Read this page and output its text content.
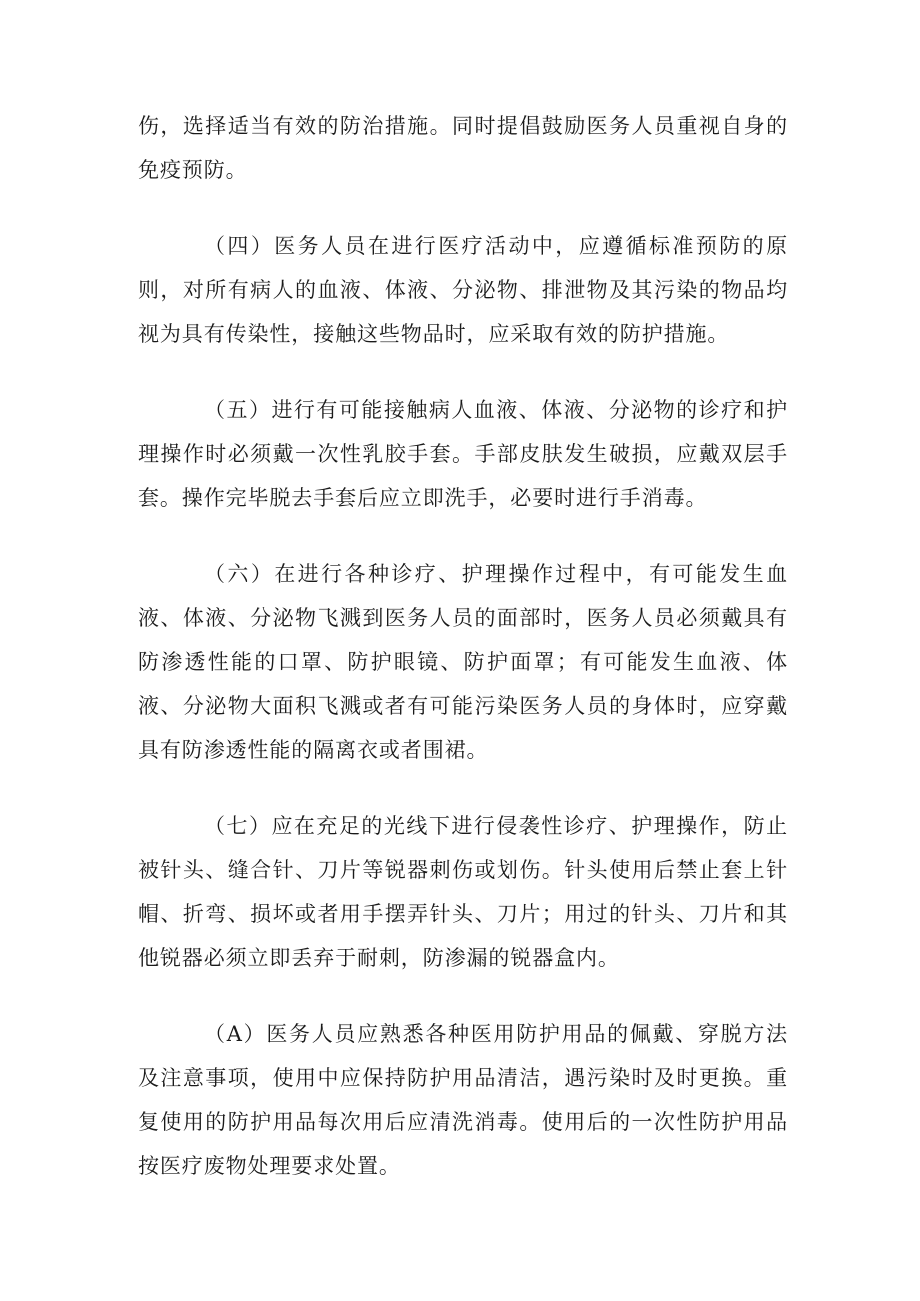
伤，选择适当有效的防治措施。同时提倡鼓励医务人员重视自身的免疫预防。

（四）医务人员在进行医疗活动中，应遵循标准预防的原则，对所有病人的血液、体液、分泌物、排泄物及其污染的物品均视为具有传染性，接触这些物品时，应采取有效的防护措施。

（五）进行有可能接触病人血液、体液、分泌物的诊疗和护理操作时必须戴一次性乳胶手套。手部皮肤发生破损，应戴双层手套。操作完毕脱去手套后应立即洗手，必要时进行手消毒。

（六）在进行各种诊疗、护理操作过程中，有可能发生血液、体液、分泌物飞溅到医务人员的面部时，医务人员必须戴具有防渗透性能的口罩、防护眼镜、防护面罩；有可能发生血液、体液、分泌物大面积飞溅或者有可能污染医务人员的身体时，应穿戴具有防渗透性能的隔离衣或者围裙。

（七）应在充足的光线下进行侵袭性诊疗、护理操作，防止被针头、缝合针、刀片等锐器刺伤或划伤。针头使用后禁止套上针帽、折弯、损坏或者用手摆弄针头、刀片；用过的针头、刀片和其他锐器必须立即丢弃于耐刺，防渗漏的锐器盒内。

（A）医务人员应熟悉各种医用防护用品的佩戴、穿脱方法及注意事项，使用中应保持防护用品清洁，遇污染时及时更换。重复使用的防护用品每次用后应清洗消毒。使用后的一次性防护用品按医疗废物处理要求处置。
